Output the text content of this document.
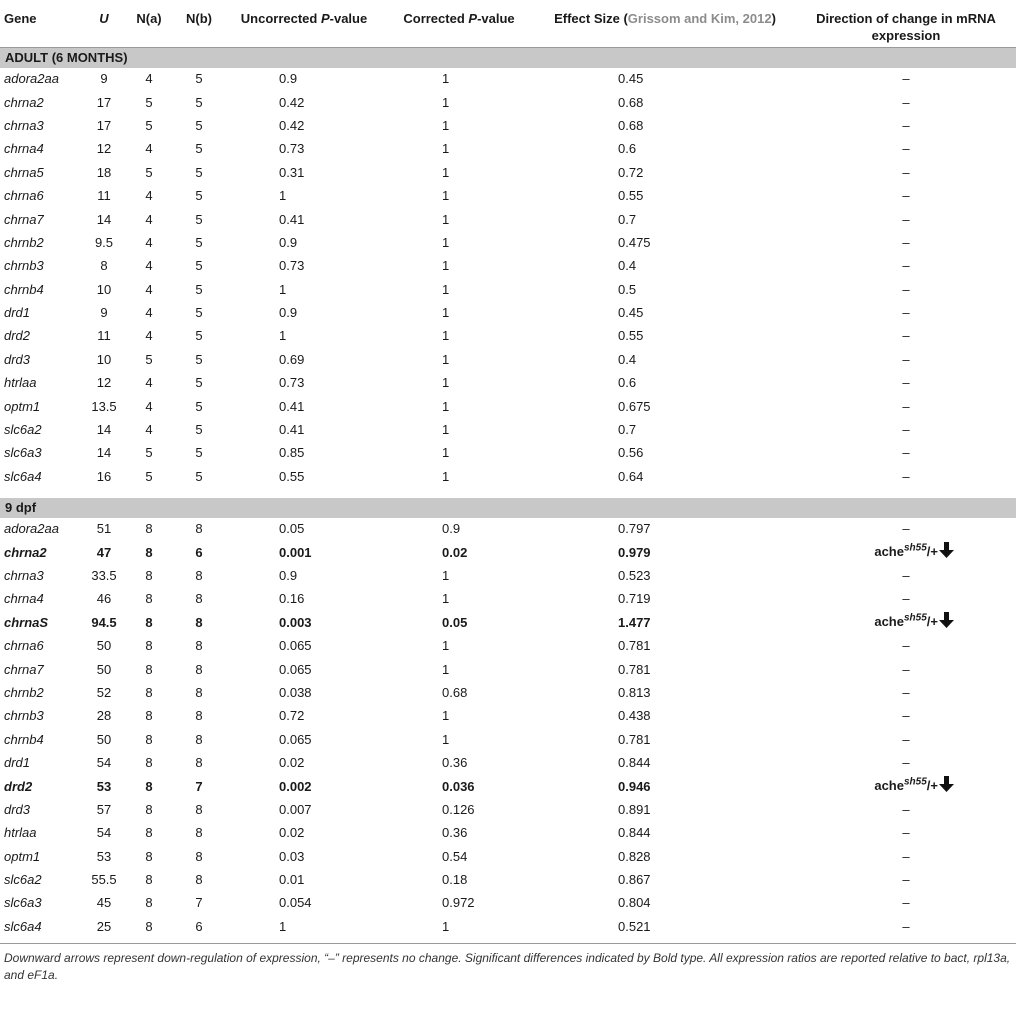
Gene	U	N(a)	N(b)	Uncorrected P-value	Corrected P-value	Effect Size (Grissom and Kim, 2012)	Direction of change in mRNA expression
ADULT (6 MONTHS)							
adora2aa	9	4	5	0.9	1	0.45	–
chrna2	17	5	5	0.42	1	0.68	–
chrna3	17	5	5	0.42	1	0.68	–
chrna4	12	4	5	0.73	1	0.6	–
chrna5	18	5	5	0.31	1	0.72	–
chrna6	11	4	5	1	1	0.55	–
chrna7	14	4	5	0.41	1	0.7	–
chrnb2	9.5	4	5	0.9	1	0.475	–
chrnb3	8	4	5	0.73	1	0.4	–
chrnb4	10	4	5	1	1	0.5	–
drd1	9	4	5	0.9	1	0.45	–
drd2	11	4	5	1	1	0.55	–
drd3	10	5	5	0.69	1	0.4	–
htrlaa	12	4	5	0.73	1	0.6	–
optm1	13.5	4	5	0.41	1	0.675	–
slc6a2	14	4	5	0.41	1	0.7	–
slc6a3	14	5	5	0.85	1	0.56	–
slc6a4	16	5	5	0.55	1	0.64	–

9 dpf							
adora2aa	51	8	8	0.05	0.9	0.797	–
chrna2	47	8	6	0.001	0.02	0.979	ache$^{sh55}$/+
chrna3	33.5	8	8	0.9	1	0.523	–
chrna4	46	8	8	0.16	1	0.719	–
chrnaS	94.5	8	8	0.003	0.05	1.477	ache$^{sh55}$/+
chrna6	50	8	8	0.065	1	0.781	–
chrna7	50	8	8	0.065	1	0.781	–
chrnb2	52	8	8	0.038	0.68	0.813	–
chrnb3	28	8	8	0.72	1	0.438	–
chrnb4	50	8	8	0.065	1	0.781	–
drd1	54	8	8	0.02	0.36	0.844	–
drd2	53	8	7	0.002	0.036	0.946	ache$^{sh55}$/+
drd3	57	8	8	0.007	0.126	0.891	–
htrlaa	54	8	8	0.02	0.36	0.844	–
optm1	53	8	8	0.03	0.54	0.828	–
slc6a2	55.5	8	8	0.01	0.18	0.867	–
slc6a3	45	8	7	0.054	0.972	0.804	–
slc6a4	25	8	6	1	1	0.521	–
Downward arrows represent down-regulation of expression, “–” represents no change. Significant differences indicated by Bold type. All expression ratios are reported relative to bact, rpl13a, and eF1a.
